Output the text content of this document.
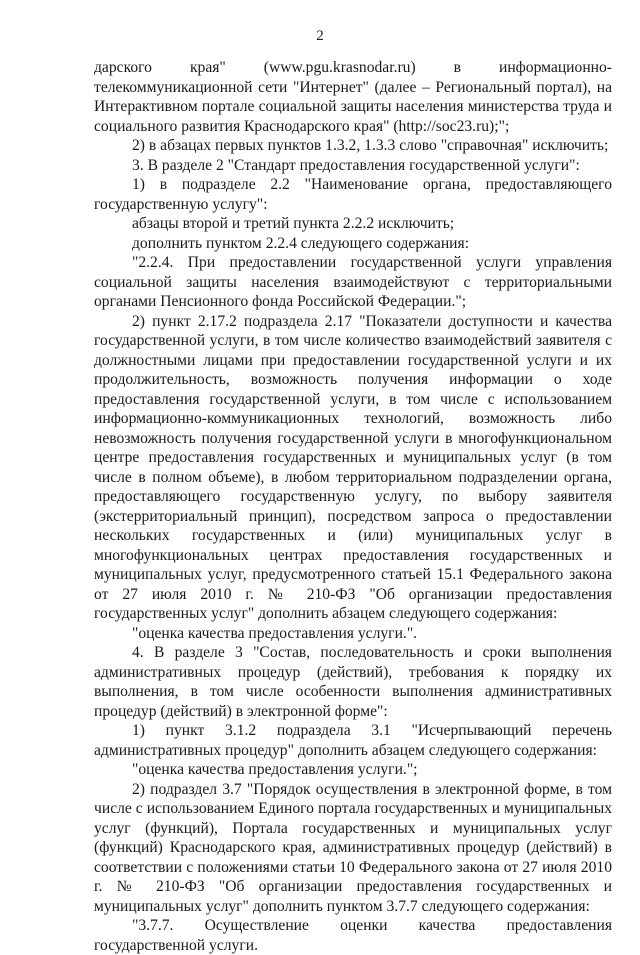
2

дарского края" (www.pgu.krasnodar.ru) в информационно-телекоммуникационной сети "Интернет" (далее – Региональный портал), на Интерактивном портале социальной защиты населения министерства труда и социального развития Краснодарского края" (http://soc23.ru);";

2) в абзацах первых пунктов 1.3.2, 1.3.3 слово "справочная" исключить;

3. В разделе 2 "Стандарт предоставления государственной услуги":

1) в подразделе 2.2 "Наименование органа, предоставляющего государственную услугу":

абзацы второй и третий пункта 2.2.2 исключить;

дополнить пунктом 2.2.4 следующего содержания:

"2.2.4. При предоставлении государственной услуги управления социальной защиты населения взаимодействуют с территориальными органами Пенсионного фонда Российской Федерации.";

2) пункт 2.17.2 подраздела 2.17 "Показатели доступности и качества государственной услуги, в том числе количество взаимодействий заявителя с должностными лицами при предоставлении государственной услуги и их продолжительность, возможность получения информации о ходе предоставления государственной услуги, в том числе с использованием информационно-коммуникационных технологий, возможность либо невозможность получения государственной услуги в многофункциональном центре предоставления государственных и муниципальных услуг (в том числе в полном объеме), в любом территориальном подразделении органа, предоставляющего государственную услугу, по выбору заявителя (экстерриториальный принцип), посредством запроса о предоставлении нескольких государственных и (или) муниципальных услуг в многофункциональных центрах предоставления государственных и муниципальных услуг, предусмотренного статьей 15.1 Федерального закона от 27 июля 2010 г. № 210-ФЗ "Об организации предоставления государственных услуг" дополнить абзацем следующего содержания:

"оценка качества предоставления услуги.".

4. В разделе 3 "Состав, последовательность и сроки выполнения административных процедур (действий), требования к порядку их выполнения, в том числе особенности выполнения административных процедур (действий) в электронной форме":

1) пункт 3.1.2 подраздела 3.1 "Исчерпывающий перечень административных процедур" дополнить абзацем следующего содержания:

"оценка качества предоставления услуги.";

2) подраздел 3.7 "Порядок осуществления в электронной форме, в том числе с использованием Единого портала государственных и муниципальных услуг (функций), Портала государственных и муниципальных услуг (функций) Краснодарского края, административных процедур (действий) в соответствии с положениями статьи 10 Федерального закона от 27 июля 2010 г. № 210-ФЗ "Об организации предоставления государственных и муниципальных услуг" дополнить пунктом 3.7.7 следующего содержания:

"3.7.7. Осуществление оценки качества предоставления государственной услуги.
